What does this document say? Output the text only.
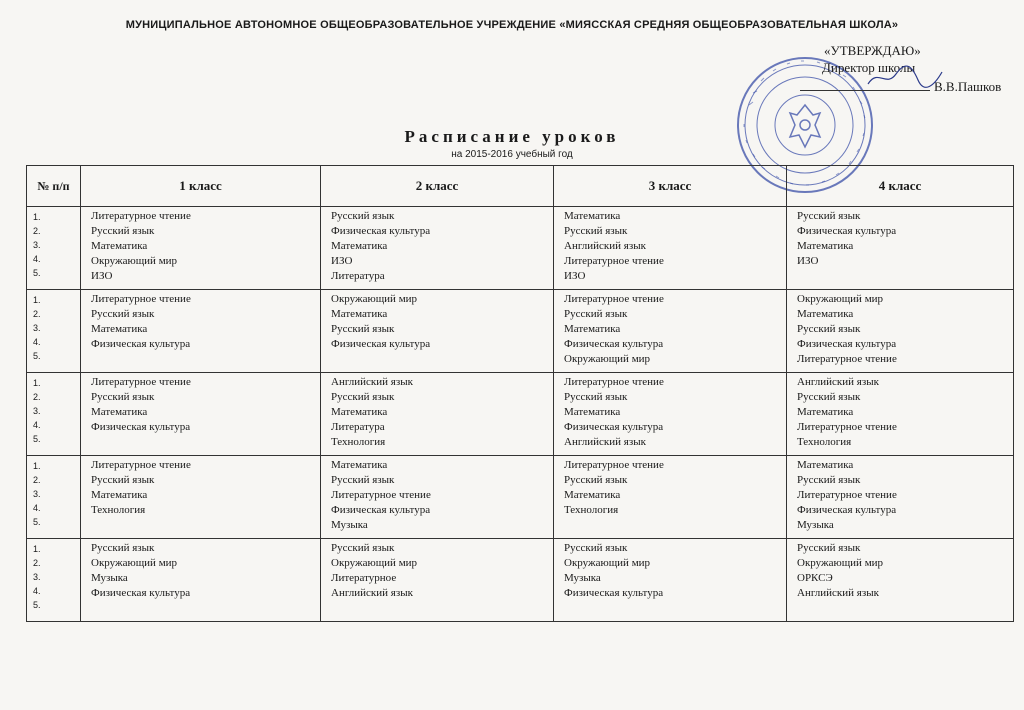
МУНИЦИПАЛЬНОЕ АВТОНОМНОЕ ОБЩЕОБРАЗОВАТЕЛЬНОЕ УЧРЕЖДЕНИЕ «МИЯССКАЯ СРЕДНЯЯ ОБЩЕОБРАЗОВАТЕЛЬНАЯ ШКОЛА»
«УТВЕРЖДАЮ»
Директор школы
В.В.Пашков
Расписание уроков
на 2015-2016 учебный год
№ п/п	1 класс	2 класс	3 класс	4 класс

1.
2.
3.
4.
5.	Литературное чтение
Русский язык
Математика
Окружающий мир
ИЗО	Русский язык
Физическая культура
Математика
ИЗО
Литература	Математика
Русский язык
Английский язык
Литературное чтение
ИЗО	Русский язык
Физическая культура
Математика
ИЗО

1.
2.
3.
4.
5.	Литературное чтение
Русский язык
Математика
Физическая культура	Окружающий мир
Математика
Русский язык
Физическая культура	Литературное чтение
Русский язык
Математика
Физическая культура
Окружающий мир	Окружающий мир
Математика
Русский язык
Физическая культура
Литературное чтение

1.
2.
3.
4.
5.	Литературное чтение
Русский язык
Математика
Физическая культура	Английский язык
Русский язык
Математика
Литература
Технология	Литературное чтение
Русский язык
Математика
Физическая культура
Английский язык	Английский язык
Русский язык
Математика
Литературное чтение
Технология

1.
2.
3.
4.
5.	Литературное чтение
Русский язык
Математика
Технология	Математика
Русский язык
Литературное чтение
Физическая культура
Музыка	Литературное чтение
Русский язык
Математика
Технология	Математика
Русский язык
Литературное чтение
Физическая культура
Музыка

1.
2.
3.
4.
5.	Русский язык
Окружающий мир
Музыка
Физическая культура	Русский язык
Окружающий мир
Литературное
Английский язык	Русский язык
Окружающий мир
Музыка
Физическая культура	Русский язык
Окружающий мир
ОРКСЭ
Английский язык
